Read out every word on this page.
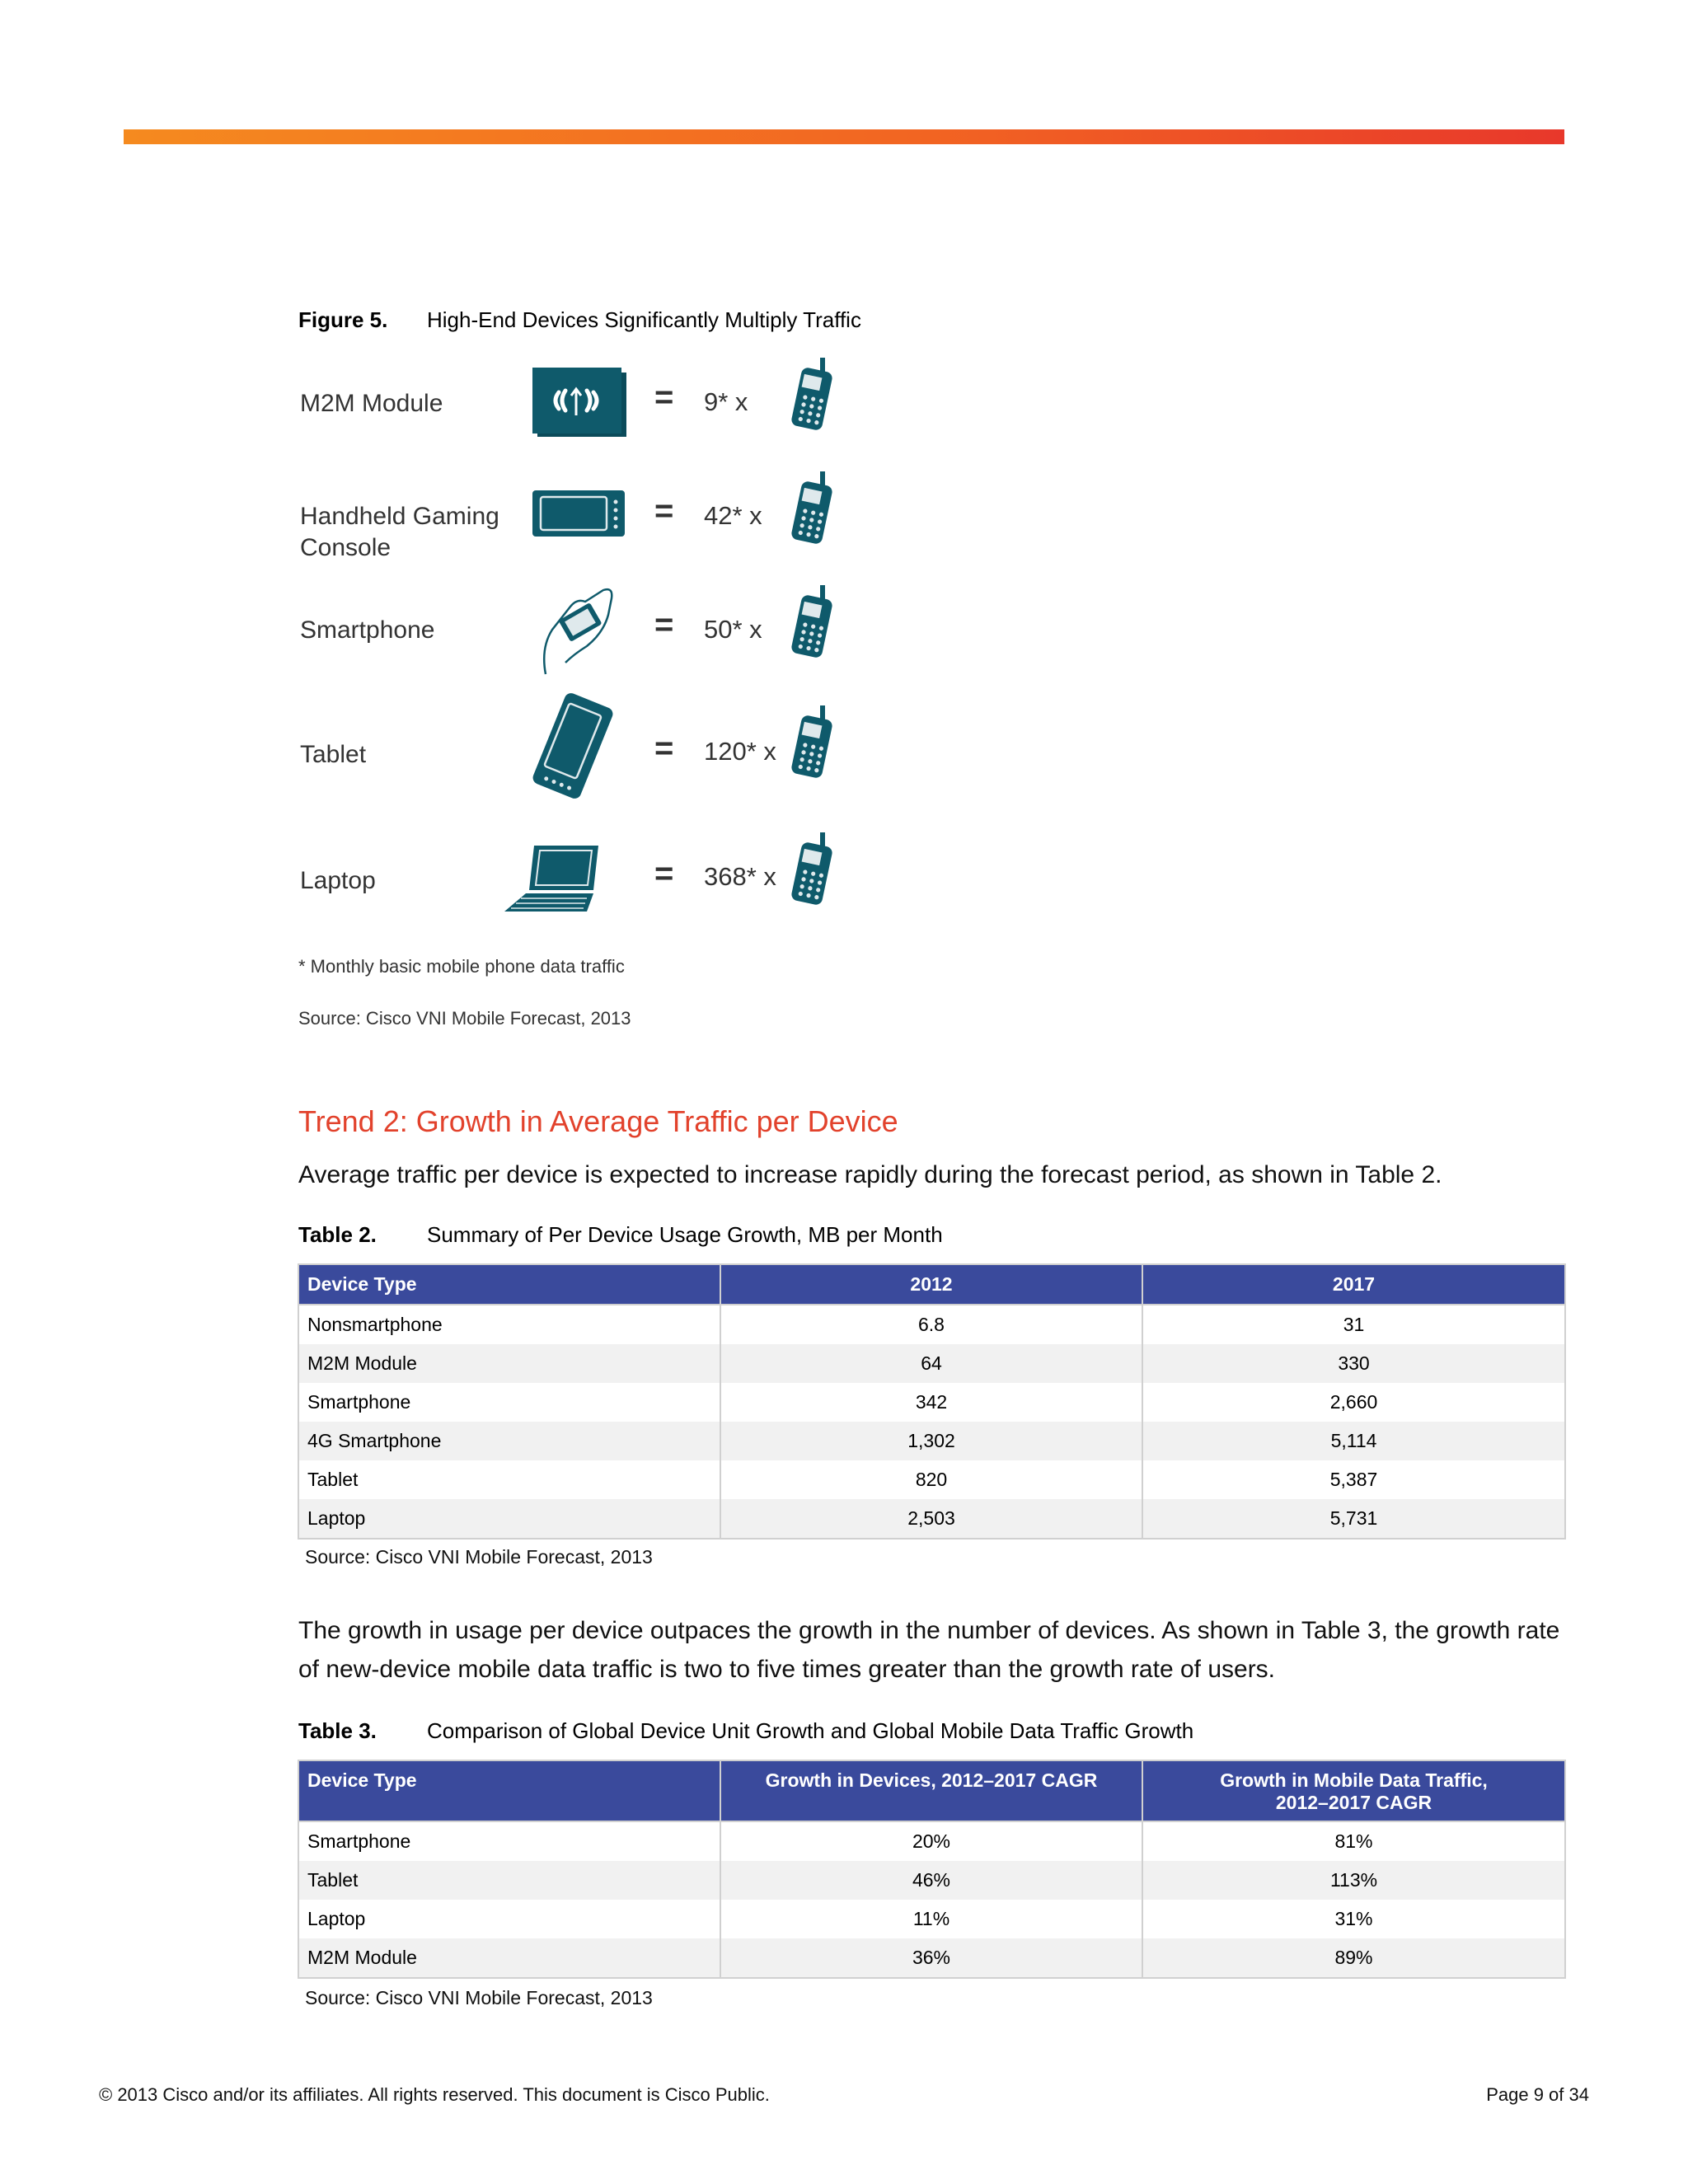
Figure 5. High-End Devices Significantly Multiply Traffic
M2M Module	= 9* x
Handheld Gaming
Console
= 42* x
Smartphone	= 50* x
Tablet	= 120* x
Laptop	= 368* x
* Monthly basic mobile phone data traffic
Source: Cisco VNI Mobile Forecast, 2013
Trend 2: Growth in Average Traffic per Device
Average traffic per device is expected to increase rapidly during the forecast period, as shown in Table 2.
Table 2. Summary of Per Device Usage Growth, MB per Month
Device Type	2012	2017
Nonsmartphone	6.8	31
M2M Module	64	330
Smartphone	342	2,660
4G Smartphone	1,302	5,114
Tablet	820	5,387
Laptop	2,503	5,731
Source: Cisco VNI Mobile Forecast, 2013
The growth in usage per device outpaces the growth in the number of devices. As shown in Table 3, the growth rate of new-device mobile data traffic is two to five times greater than the growth rate of users.
Table 3. Comparison of Global Device Unit Growth and Global Mobile Data Traffic Growth
Device Type	Growth in Devices, 2012–2017 CAGR	Growth in Mobile Data Traffic,
2012–2017 CAGR
Smartphone	20%	81%
Tablet	46%	113%
Laptop	11%	31%
M2M Module	36%	89%
Source: Cisco VNI Mobile Forecast, 2013
© 2013 Cisco and/or its affiliates. All rights reserved. This document is Cisco Public.	Page 9 of 34
